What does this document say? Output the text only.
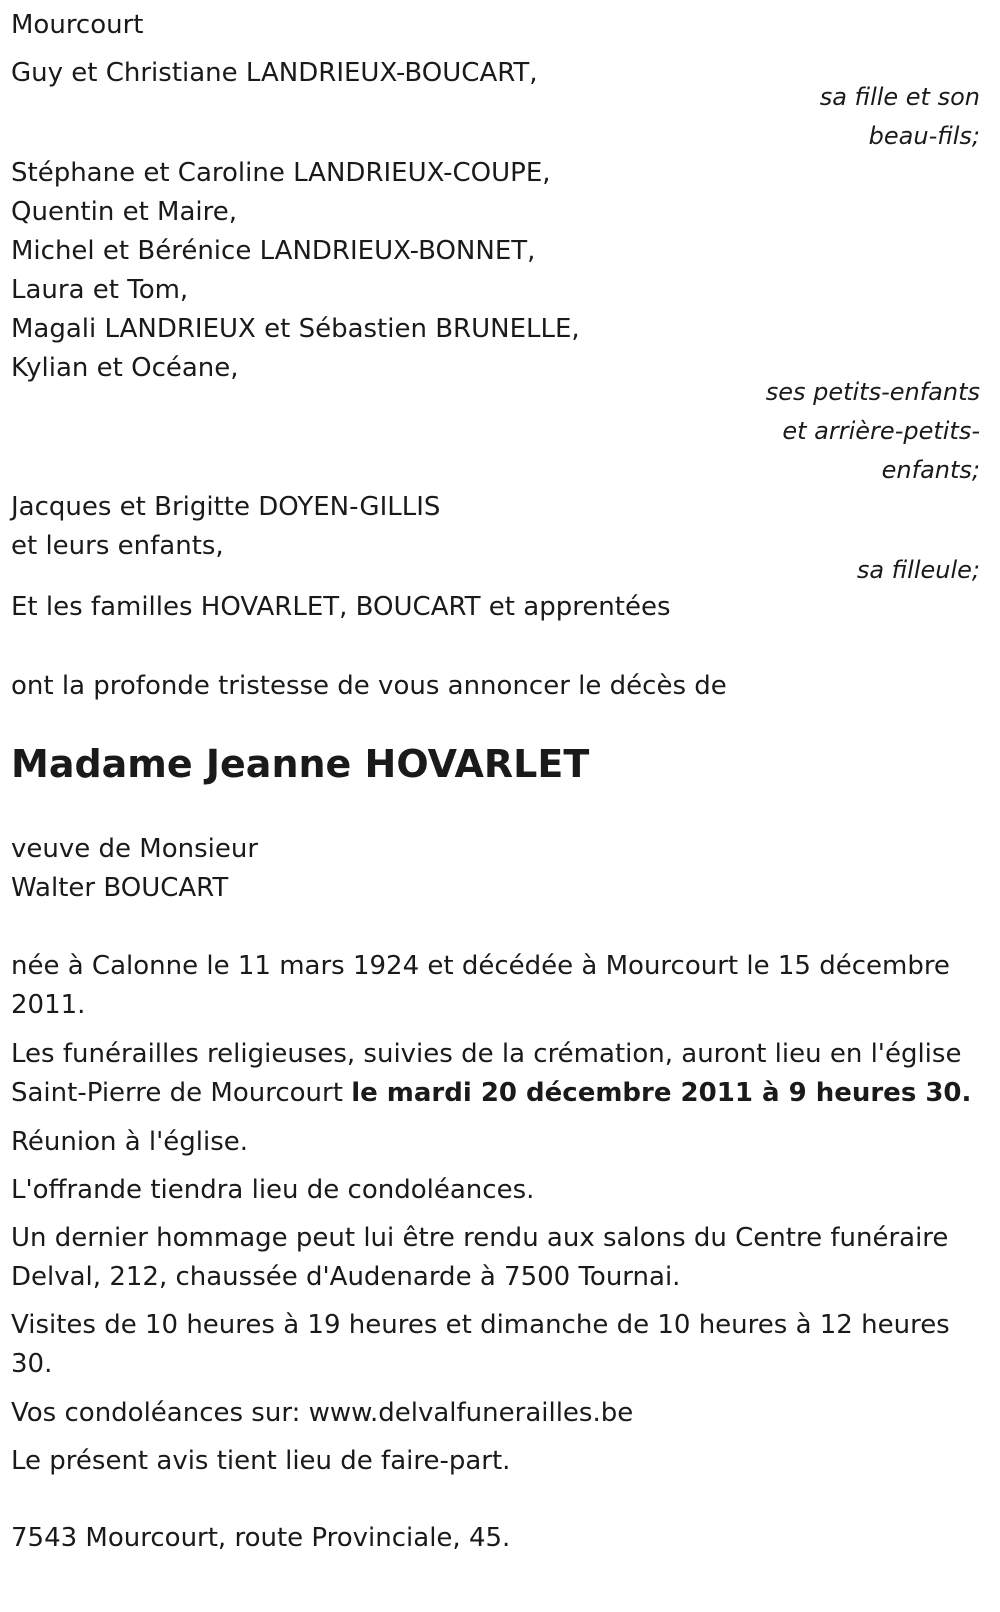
Mourcourt
Guy et Christiane LANDRIEUX-BOUCART,
sa fille et son
beau-fils;
Stéphane et Caroline LANDRIEUX-COUPE,
Quentin et Maire,
Michel et Bérénice LANDRIEUX-BONNET,
Laura et Tom,
Magali LANDRIEUX et Sébastien BRUNELLE,
Kylian et Océane,
ses petits-enfants
et arrière-petits-
enfants;
Jacques et Brigitte DOYEN-GILLIS
et leurs enfants,
sa filleule;
Et les familles HOVARLET, BOUCART et apprentées
ont la profonde tristesse de vous annoncer le décès de
Madame Jeanne HOVARLET
veuve de Monsieur
Walter BOUCART
née à Calonne le 11 mars 1924 et décédée à Mourcourt le 15 décembre
2011.
Les funérailles religieuses, suivies de la crémation, auront lieu en l'église
Saint-Pierre de Mourcourt le mardi 20 décembre 2011 à 9 heures 30.
Réunion à l'église.
L'offrande tiendra lieu de condoléances.
Un dernier hommage peut lui être rendu aux salons du Centre funéraire
Delval, 212, chaussée d'Audenarde à 7500 Tournai.
Visites de 10 heures à 19 heures et dimanche de 10 heures à 12 heures
30.
Vos condoléances sur: www.delvalfunerailles.be
Le présent avis tient lieu de faire-part.
7543 Mourcourt, route Provinciale, 45.
